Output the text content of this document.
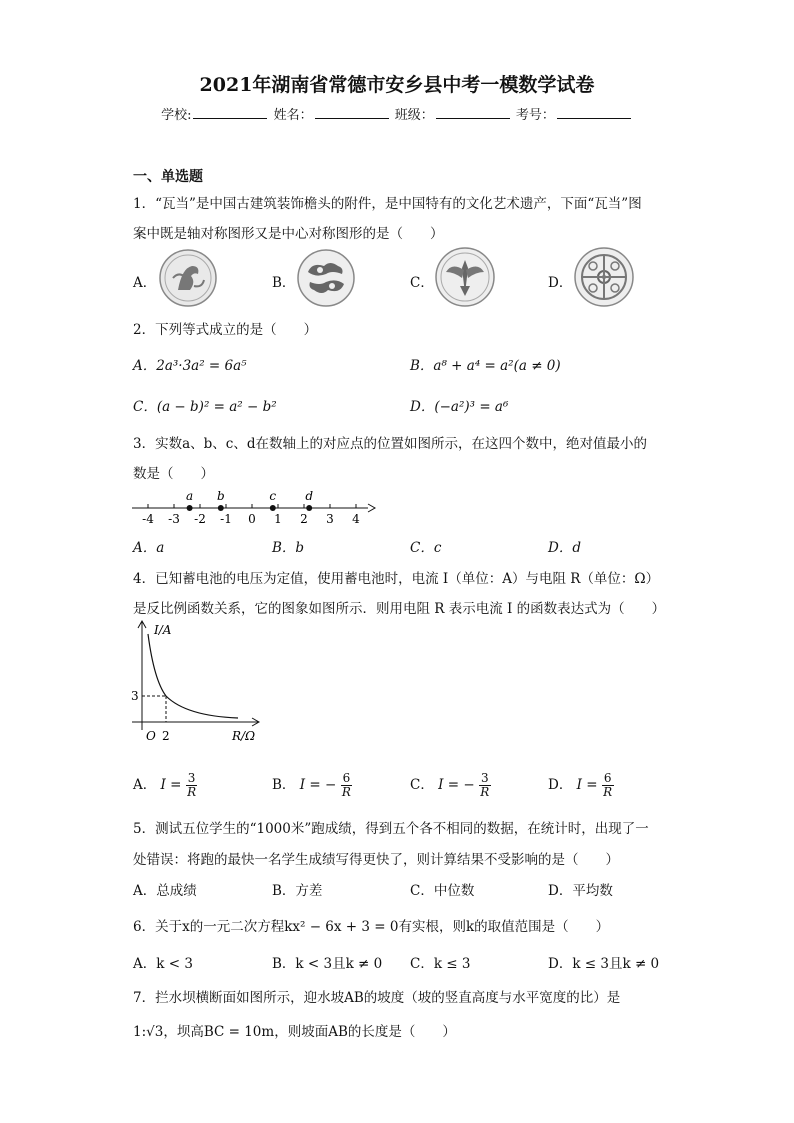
2021年湖南省常德市安乡县中考一模数学试卷
学校:	姓名：	班级：	考号：
一、单选题
1．“瓦当”是中国古建筑装饰檐头的附件，是中国特有的文化艺术遗产，下面“瓦当”图
案中既是轴对称图形又是中心对称图形的是（　　）
A．	B．	C．	D．
2．下列等式成立的是（　　）
A．2a³·3a² = 6a⁵	B．a⁸ + a⁴ = a²(a ≠ 0)
C．(a − b)² = a² − b²	D．(−a²)³ = a⁶
3．实数a、b、c、d在数轴上的对应点的位置如图所示，在这四个数中，绝对值最小的
数是（　　）
-4 -3 -2 -1 0 1 2 3 4
a b	c d
A．a	B．b	C．c	D．d
4．已知蓄电池的电压为定值，使用蓄电池时，电流 I（单位：A）与电阻 R（单位：Ω）
是反比例函数关系，它的图象如图所示．则用电阻 R 表示电流 I 的函数表达式为（　　）
I/A
R/Ω
O 2
3
A． $I = \frac{3}{R}$	B． I = − $\frac{6}{R}$	C． I = − $\frac{3}{R}$	D． $I = \frac{6}{R}$
5．测试五位学生的“1000米”跑成绩，得到五个各不相同的数据，在统计时，出现了一
处错误：将跑的最快一名学生成绩写得更快了，则计算结果不受影响的是（　　）
A．总成绩	B．方差	C．中位数	D．平均数
6．关于x的一元二次方程kx² − 6x + 3 = 0有实根，则k的取值范围是（　　）
A．k < 3	B．k < 3且k ≠ 0 C．k ≤ 3	D．k ≤ 3且k ≠ 0
7．拦水坝横断面如图所示，迎水坡AB的坡度（坡的竖直高度与水平宽度的比）是
1:√3，坝高BC = 10m，则坡面AB的长度是（　　）
